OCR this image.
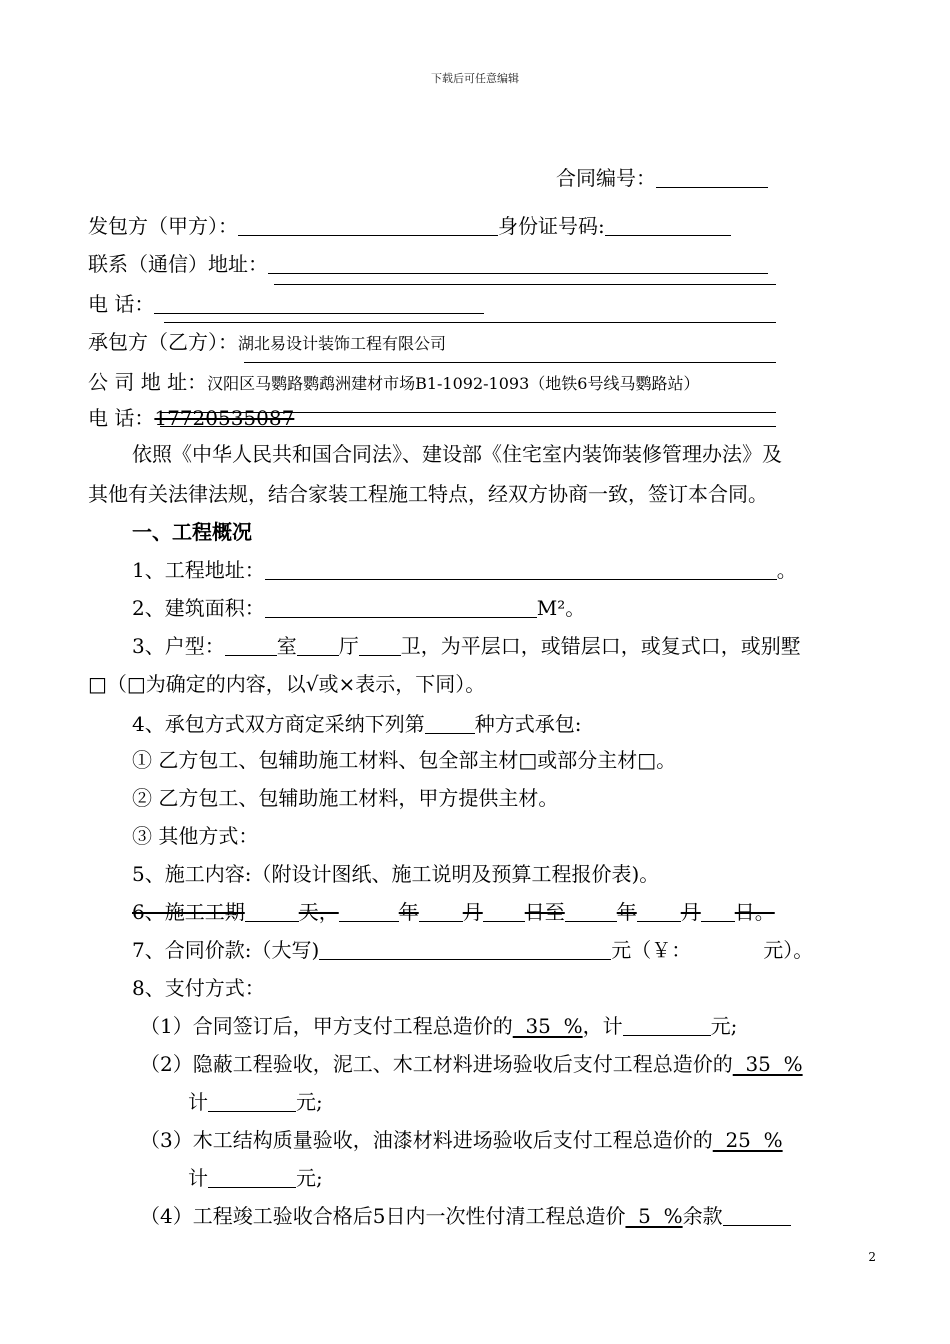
下载后可任意编辑
合同编号：
发包方（甲方）：	身份证号码:
联系（通信）地址：
电 话：
承包方（乙方）：湖北易设计装饰工程有限公司
公 司 地 址：汉阳区马鹦路鹦鹉洲建材市场B1-1092-1093（地铁6号线马鹦路站）
电 话：17720535087
依照《中华人民共和国合同法》、建设部《住宅室内装饰装修管理办法》及
其他有关法律法规，结合家装工程施工特点，经双方协商一致，签订本合同。
一、工程概况
1、工程地址：	。
2、建筑面积：	M²。
3、户型：	室 厅 卫，为平层口，或错层口，或复式口，或别墅
□（□为确定的内容，以√或×表示，下同）。
4、承包方式双方商定采纳下列第	种方式承包:
① 乙方包工、包辅助施工材料、包全部主材□或部分主材□。
② 乙方包工、包辅助施工材料，甲方提供主材。
③ 其他方式：
5、施工内容:（附设计图纸、施工说明及预算工程报价表)。
6、施工工期	天，	年 月 日至	年 月 日。
7、合同价款:（大写)	元（￥：	元）。
8、支付方式：
（1）合同签订后，甲方支付工程总造价的  35  %，计	元;
（2）隐蔽工程验收，泥工、木工材料进场验收后支付工程总造价的  35  %
计	元;
（3）木工结构质量验收，油漆材料进场验收后支付工程总造价的  25  %
计	元;
（4）工程竣工验收合格后5日内一次性付清工程总造价  5  %余款
2
